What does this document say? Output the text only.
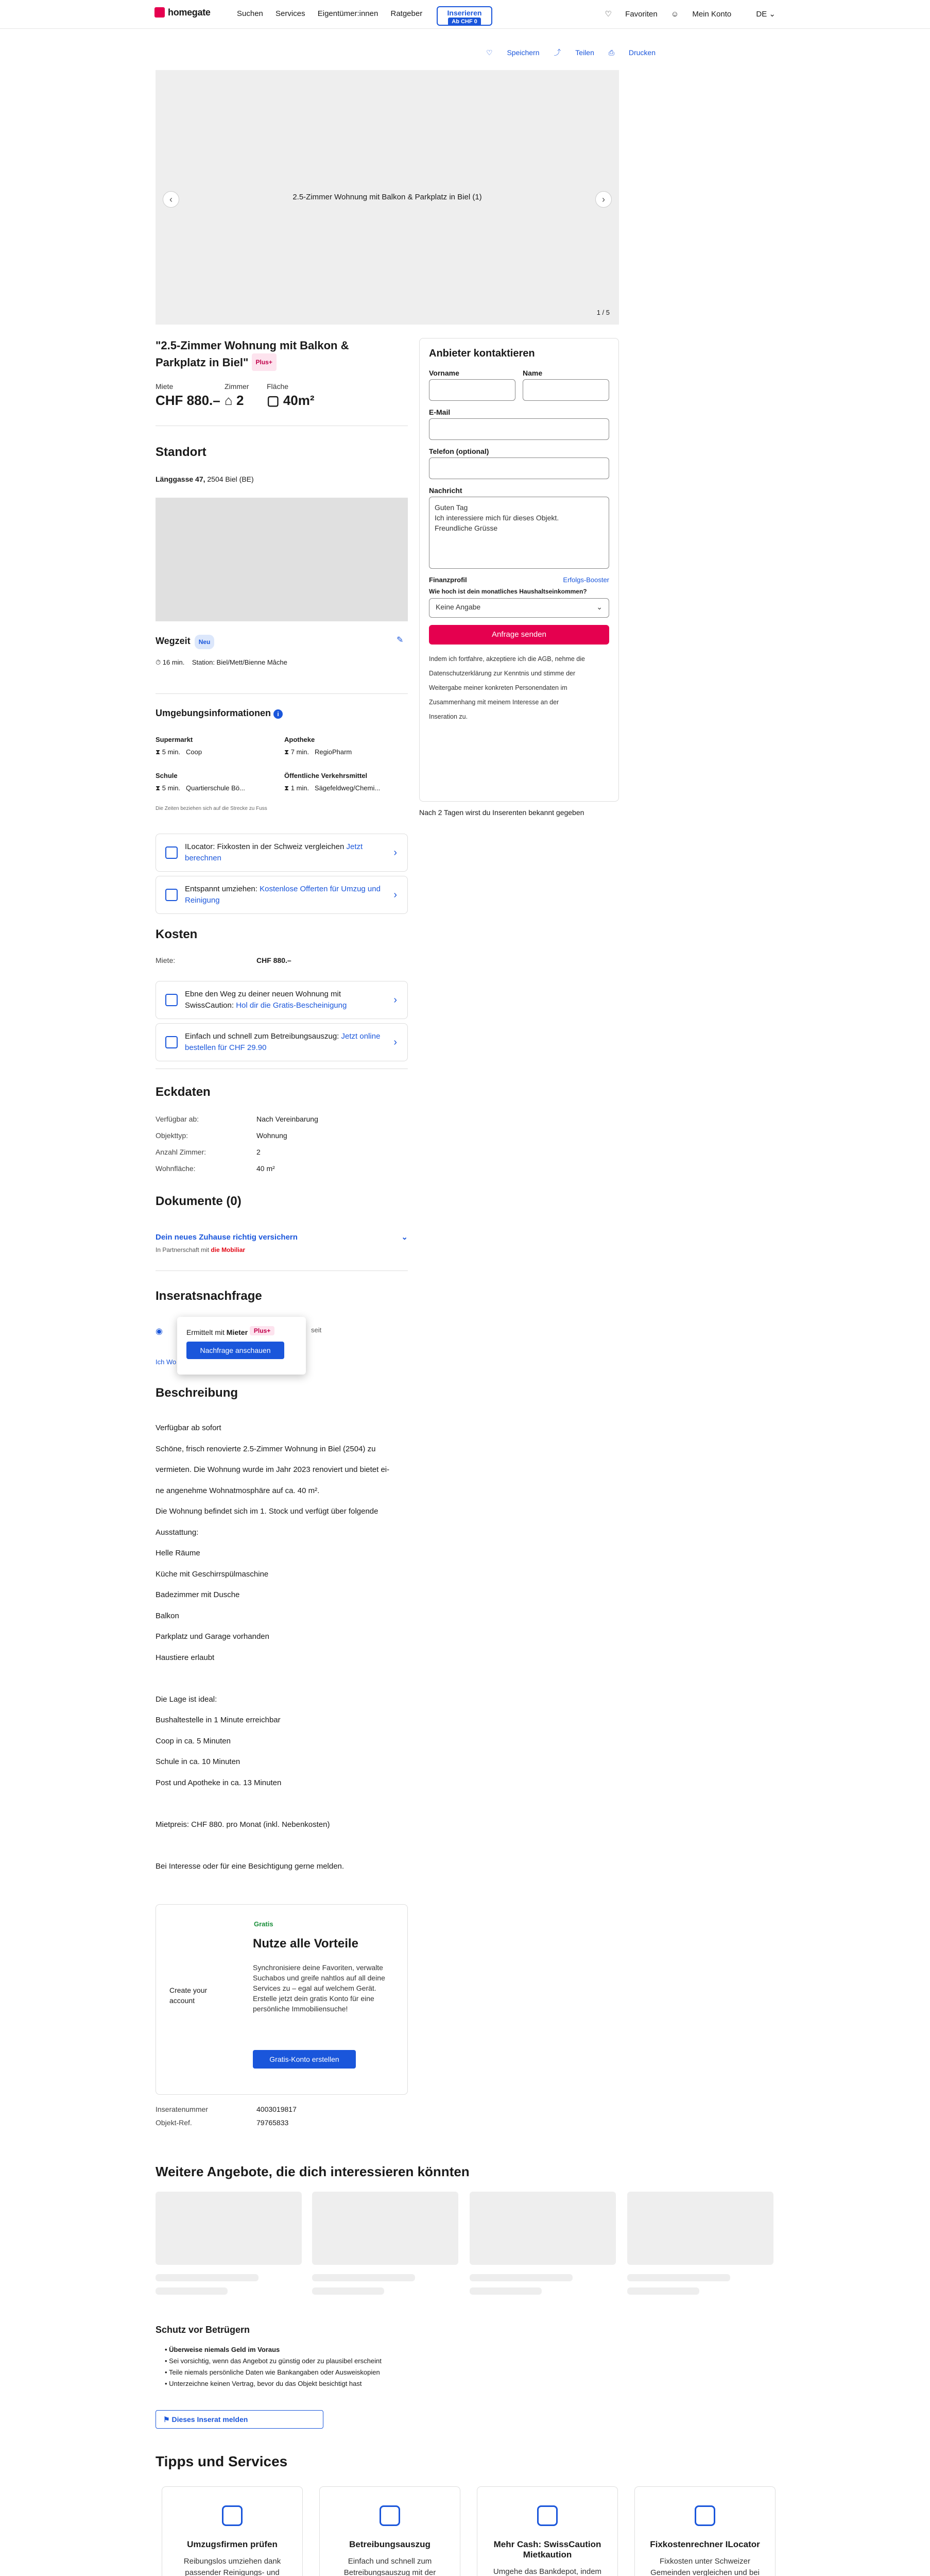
homegate	Suchen Services Eigentümer:innen Ratgeber	Inserieren
Ab CHF 0
♡ Favoriten ☺ Mein Konto	DE ⌄
♡ Speichern ⤴ Teilen ⎙ Drucken
‹	2.5-Zimmer Wohnung mit Balkon & Parkplatz in Biel (1)	›
1 / 5
"2.5-Zimmer Wohnung mit Balkon & Parkplatz in Biel" Plus+
Miete
CHF 880.–
Zimmer
⌂ 2
Fläche
▢ 40m²
Standort
Länggasse 47, 2504 Biel (BE)
Wegzeit Neu	✎
⏱ 16 min. Station: Biel/Mett/Bienne Mâche
Umgebungsinformationen i
Supermarkt
⧗ 5 min. Coop
Apotheke
⧗ 7 min. RegioPharm
Schule
⧗ 5 min. Quartierschule Bö...
Öffentliche Verkehrsmittel
⧗ 1 min. Sägefeldweg/Chemi...
Die Zeiten beziehen sich auf die Strecke zu Fuss
ILocator: Fixkosten in der Schweiz vergleichen Jetzt berechnen	›
Entspannt umziehen: Kostenlose Offerten für Umzug und Reinigung	›
Kosten
Miete:	CHF 880.–
Ebne den Weg zu deiner neuen Wohnung mit SwissCaution: Hol dir die Gratis-Bescheinigung	›
Einfach und schnell zum Betreibungsauszug: Jetzt online bestellen für CHF 29.90	›
Eckdaten
Verfügbar ab:	Nach Vereinbarung
Objekttyp:	Wohnung
Anzahl Zimmer:	2
Wohnfläche:	40 m²
Dokumente (0)
Dein neues Zuhause richtig versichern	⌄
In Partnerschaft mit die Mobiliar
Inseratsnachfrage
◉	seit
Ich Wo
Ermittelt mit Mieter Plus+
Nachfrage anschauen
Beschreibung

Verfügbar ab sofort

Schöne, frisch renovierte 2.5-Zimmer Wohnung in Biel (2504) zu

vermieten. Die Wohnung wurde im Jahr 2023 renoviert und bietet ei-

ne angenehme Wohnatmosphäre auf ca. 40 m².

Die Wohnung befindet sich im 1. Stock und verfügt über folgende

Ausstattung:

Helle Räume

Küche mit Geschirrspülmaschine

Badezimmer mit Dusche

Balkon

Parkplatz und Garage vorhanden

Haustiere erlaubt

Die Lage ist ideal:

Bushaltestelle in 1 Minute erreichbar

Coop in ca. 5 Minuten

Schule in ca. 10 Minuten

Post und Apotheke in ca. 13 Minuten

Mietpreis: CHF 880. pro Monat (inkl. Nebenkosten)

Bei Interesse oder für eine Besichtigung gerne melden.

Create your account
Gratis
Nutze alle Vorteile
Synchronisiere deine Favoriten, verwalte Suchabos und greife nahtlos auf all deine Services zu – egal auf welchem Gerät. Erstelle jetzt dein gratis Konto für eine persönliche Immobiliensuche!
Gratis-Konto erstellen
Inseratenummer	4003019817
Objekt-Ref.	79765833
Anbieter kontaktieren
Vorname	Name
E-Mail
Telefon (optional)
Nachricht
Guten Tag
Ich interessiere mich für dieses Objekt.
Freundliche Grüsse
Finanzprofil	Erfolgs-Booster
Wie hoch ist dein monatliches Haushaltseinkommen?
Keine Angabe	⌄
Anfrage senden
Indem ich fortfahre, akzeptiere ich die AGB, nehme die
Datenschutzerklärung zur Kenntnis und stimme der
Weitergabe meiner konkreten Personendaten im
Zusammenhang mit meinem Interesse an der
Inseration zu.
Nach 2 Tagen wirst du Inserenten bekannt gegeben
Weitere Angebote, die dich interessieren könnten
Schutz vor Betrügern
• Überweise niemals Geld im Voraus
• Sei vorsichtig, wenn das Angebot zu günstig oder zu plausibel erscheint
• Teile niemals persönliche Daten wie Bankangaben oder Ausweiskopien
• Unterzeichne keinen Vertrag, bevor du das Objekt besichtigt hast
⚑ Dieses Inserat melden
Tipps und Services
Umzugsfirmen prüfen

Reibungslos umziehen dank passender Reinigungs- und

Betreibungsauszug

Einfach und schnell zum Betreibungsauszug mit der

Mehr Cash: SwissCaution Mietkaution

Umgehe das Bankdepot, indem

Fixkostenrechner ILocator

Fixkosten unter Schweizer Gemeinden vergleichen und bei
